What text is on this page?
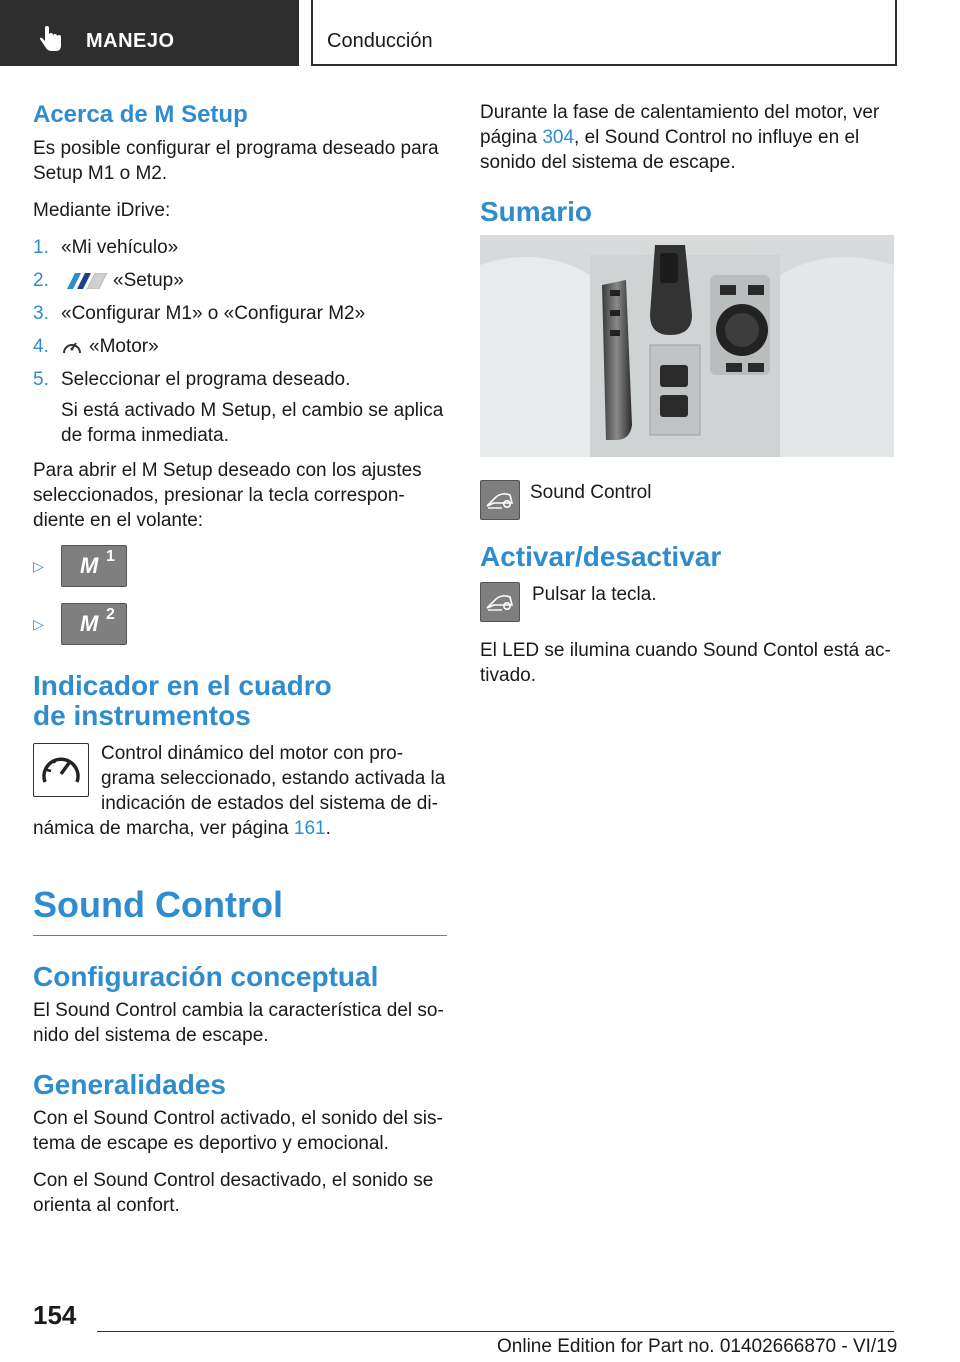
MANEJO	Conducción
Acerca de M Setup

Es posible configurar el programa deseado para Setup M1 o M2.

Mediante iDrive:

1. «Mi vehículo»
2.	«Setup»
3. «Configurar M1» o «Configurar M2»
4. «Motor»
5. Seleccionar el programa deseado.
Si está activado M Setup, el cambio se aplica de forma inmediata.

Para abrir el M Setup deseado con los ajustes seleccionados, presionar la tecla correspon-diente en el volante:

▷	M 1
▷	M 2
Indicador en el cuadro
de instrumentos

Control dinámico del motor con pro-grama seleccionado, estando activada la indicación de estados del sistema de di-námica de marcha, ver página 161.

Sound Control
Configuración conceptual

El Sound Control cambia la característica del so-nido del sistema de escape.

Generalidades

Con el Sound Control activado, el sonido del sis-tema de escape es deportivo y emocional.

Con el Sound Control desactivado, el sonido se orienta al confort.

Durante la fase de calentamiento del motor, ver página 304, el Sound Control no influye en el sonido del sistema de escape.

Sumario
Sound Control
Activar/desactivar
Pulsar la tecla.

El LED se ilumina cuando Sound Contol está ac-tivado.

154
Online Edition for Part no. 01402666870 - VI/19
